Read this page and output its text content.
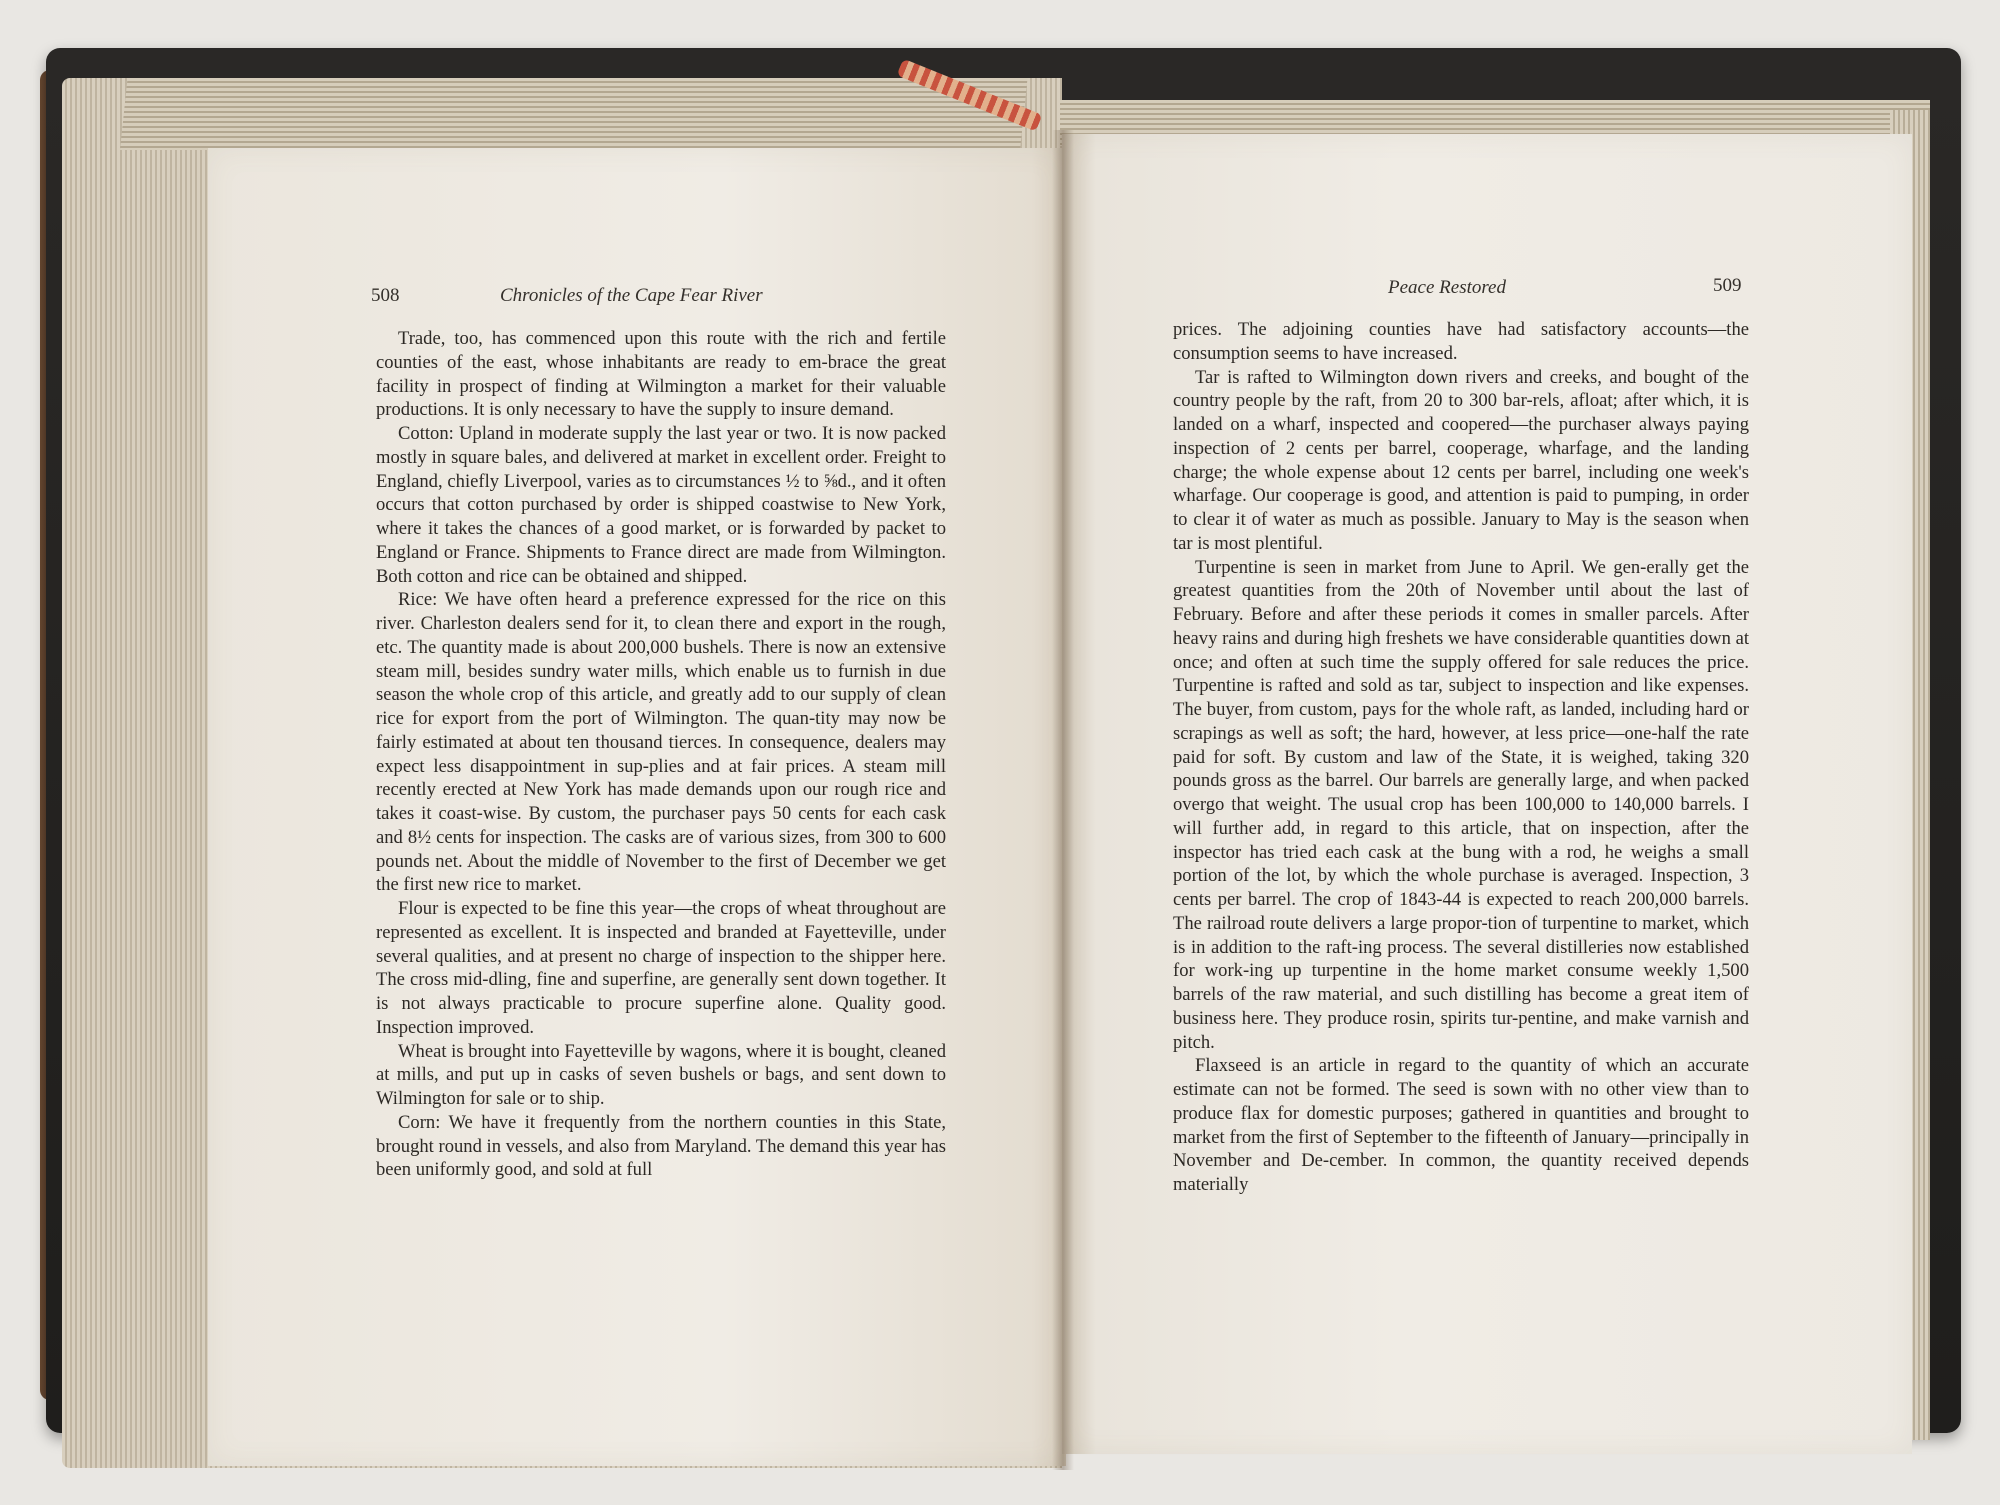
508	Chronicles of the Cape Fear River	Peace Restored	509

Trade, too, has commenced upon this route with the rich and fertile counties of the east, whose inhabitants are ready to em-brace the great facility in prospect of finding at Wilmington a market for their valuable productions. It is only necessary to have the supply to insure demand.

Cotton: Upland in moderate supply the last year or two. It is now packed mostly in square bales, and delivered at market in excellent order. Freight to England, chiefly Liverpool, varies as to circumstances ½ to ⅝d., and it often occurs that cotton purchased by order is shipped coastwise to New York, where it takes the chances of a good market, or is forwarded by packet to England or France. Shipments to France direct are made from Wilmington. Both cotton and rice can be obtained and shipped.

Rice: We have often heard a preference expressed for the rice on this river. Charleston dealers send for it, to clean there and export in the rough, etc. The quantity made is about 200,000 bushels. There is now an extensive steam mill, besides sundry water mills, which enable us to furnish in due season the whole crop of this article, and greatly add to our supply of clean rice for export from the port of Wilmington. The quan-tity may now be fairly estimated at about ten thousand tierces. In consequence, dealers may expect less disappointment in sup-plies and at fair prices. A steam mill recently erected at New York has made demands upon our rough rice and takes it coast-wise. By custom, the purchaser pays 50 cents for each cask and 8½ cents for inspection. The casks are of various sizes, from 300 to 600 pounds net. About the middle of November to the first of December we get the first new rice to market.

Flour is expected to be fine this year—the crops of wheat throughout are represented as excellent. It is inspected and branded at Fayetteville, under several qualities, and at present no charge of inspection to the shipper here. The cross mid-dling, fine and superfine, are generally sent down together. It is not always practicable to procure superfine alone. Quality good. Inspection improved.

Wheat is brought into Fayetteville by wagons, where it is bought, cleaned at mills, and put up in casks of seven bushels or bags, and sent down to Wilmington for sale or to ship.

Corn: We have it frequently from the northern counties in this State, brought round in vessels, and also from Maryland. The demand this year has been uniformly good, and sold at full

prices. The adjoining counties have had satisfactory accounts—the consumption seems to have increased.

Tar is rafted to Wilmington down rivers and creeks, and bought of the country people by the raft, from 20 to 300 bar-rels, afloat; after which, it is landed on a wharf, inspected and coopered—the purchaser always paying inspection of 2 cents per barrel, cooperage, wharfage, and the landing charge; the whole expense about 12 cents per barrel, including one week's wharfage. Our cooperage is good, and attention is paid to pumping, in order to clear it of water as much as possible. January to May is the season when tar is most plentiful.

Turpentine is seen in market from June to April. We gen-erally get the greatest quantities from the 20th of November until about the last of February. Before and after these periods it comes in smaller parcels. After heavy rains and during high freshets we have considerable quantities down at once; and often at such time the supply offered for sale reduces the price. Turpentine is rafted and sold as tar, subject to inspection and like expenses. The buyer, from custom, pays for the whole raft, as landed, including hard or scrapings as well as soft; the hard, however, at less price—one-half the rate paid for soft. By custom and law of the State, it is weighed, taking 320 pounds gross as the barrel. Our barrels are generally large, and when packed overgo that weight. The usual crop has been 100,000 to 140,000 barrels. I will further add, in regard to this article, that on inspection, after the inspector has tried each cask at the bung with a rod, he weighs a small portion of the lot, by which the whole purchase is averaged. Inspection, 3 cents per barrel. The crop of 1843-44 is expected to reach 200,000 barrels. The railroad route delivers a large propor-tion of turpentine to market, which is in addition to the raft-ing process. The several distilleries now established for work-ing up turpentine in the home market consume weekly 1,500 barrels of the raw material, and such distilling has become a great item of business here. They produce rosin, spirits tur-pentine, and make varnish and pitch.

Flaxseed is an article in regard to the quantity of which an accurate estimate can not be formed. The seed is sown with no other view than to produce flax for domestic purposes; gathered in quantities and brought to market from the first of September to the fifteenth of January—principally in November and De-cember. In common, the quantity received depends materially
